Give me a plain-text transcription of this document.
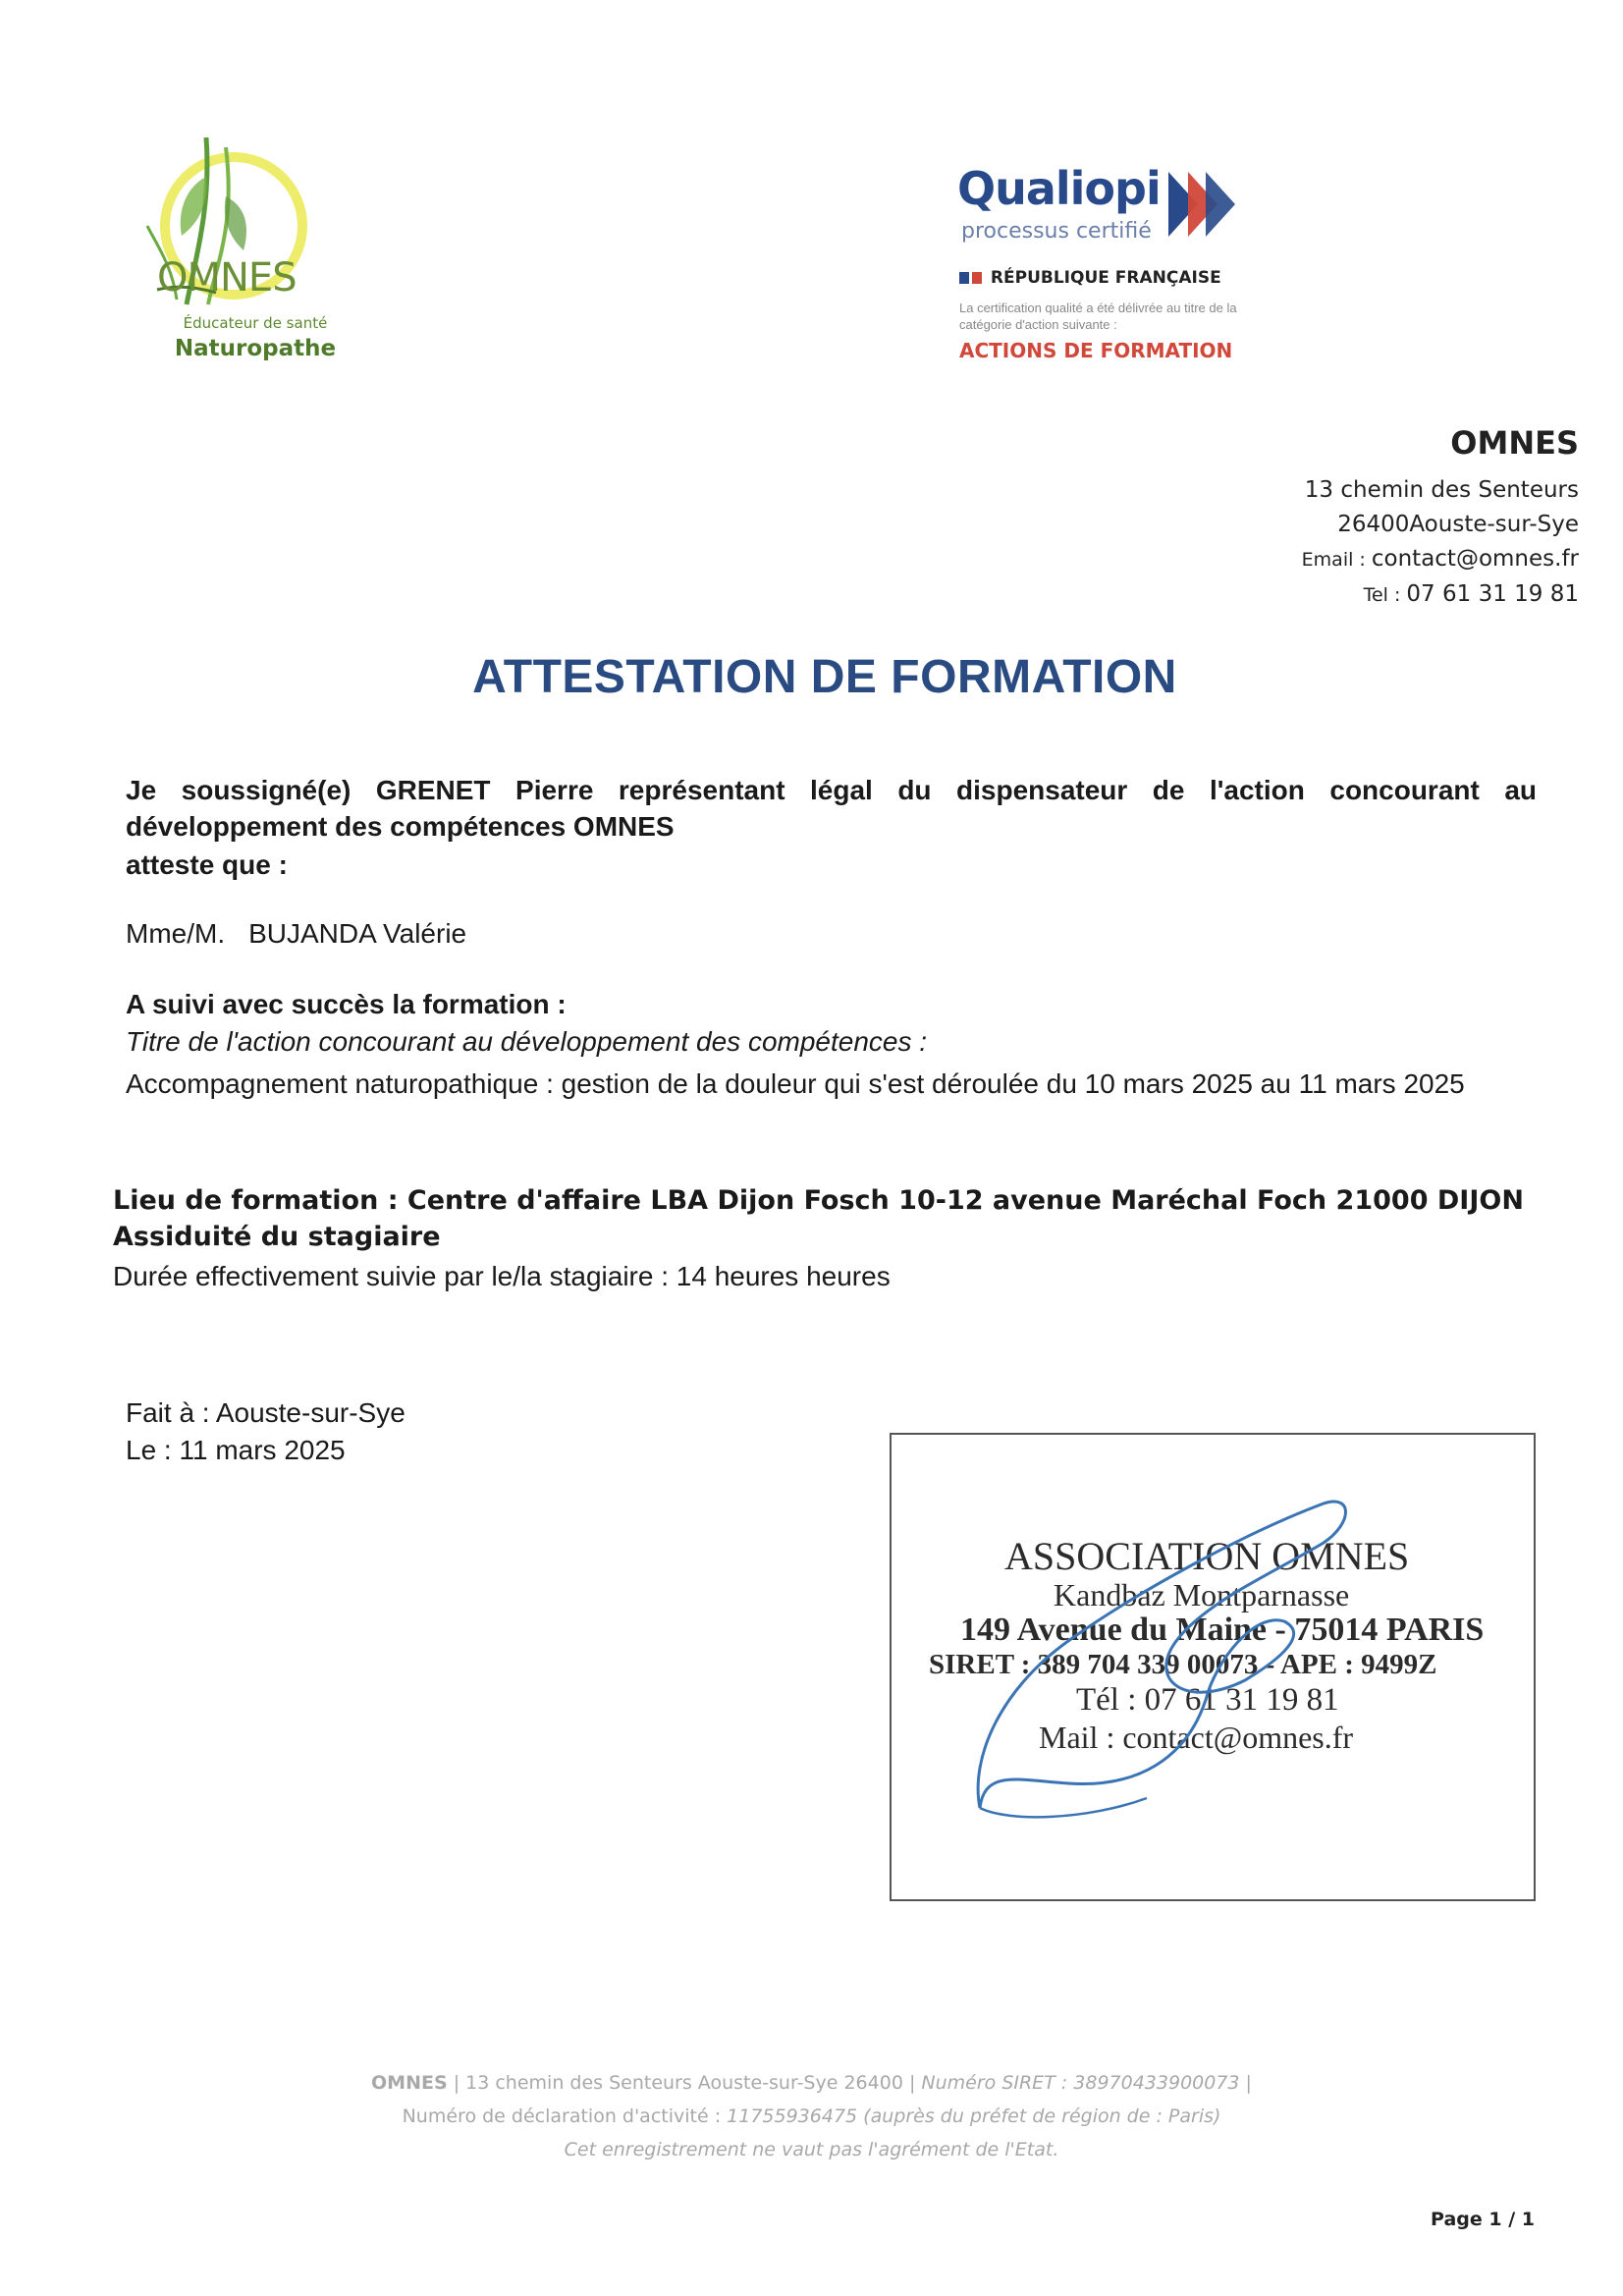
OMNES
Éducateur de santé
Naturopathe
Qualiopi
processus certifié
RÉPUBLIQUE FRANÇAISE
La certification qualité a été délivrée au titre de la catégorie d'action suivante :
ACTIONS DE FORMATION
OMNES
13 chemin des Senteurs
26400Aouste-sur-Sye
Email : contact@omnes.fr
Tel : 07 61 31 19 81
ATTESTATION DE FORMATION
Je soussigné(e) GRENET Pierre représentant légal du dispensateur de l'action concourant au développement des compétences OMNES
atteste que :
Mme/M. BUJANDA Valérie
A suivi avec succès la formation :
Titre de l'action concourant au développement des compétences :
Accompagnement naturopathique : gestion de la douleur qui s'est déroulée du 10 mars 2025 au 11 mars 2025
Lieu de formation : Centre d'affaire LBA Dijon Fosch 10-12 avenue Maréchal Foch 21000 DIJON
Assiduité du stagiaire
Durée effectivement suivie par le/la stagiaire : 14 heures heures
Fait à : Aouste-sur-Sye
Le : 11 mars 2025
ASSOCIATION OMNES
Kandbaz Montparnasse
149 Avenue du Maine - 75014 PARIS
SIRET : 389 704 339 00073 - APE : 9499Z
Tél : 07 61 31 19 81
Mail : contact@omnes.fr
OMNES | 13 chemin des Senteurs Aouste-sur-Sye 26400 | Numéro SIRET : 38970433900073 |
Numéro de déclaration d'activité : 11755936475 (auprès du préfet de région de : Paris)
Cet enregistrement ne vaut pas l'agrément de l'Etat.
Page 1 / 1
